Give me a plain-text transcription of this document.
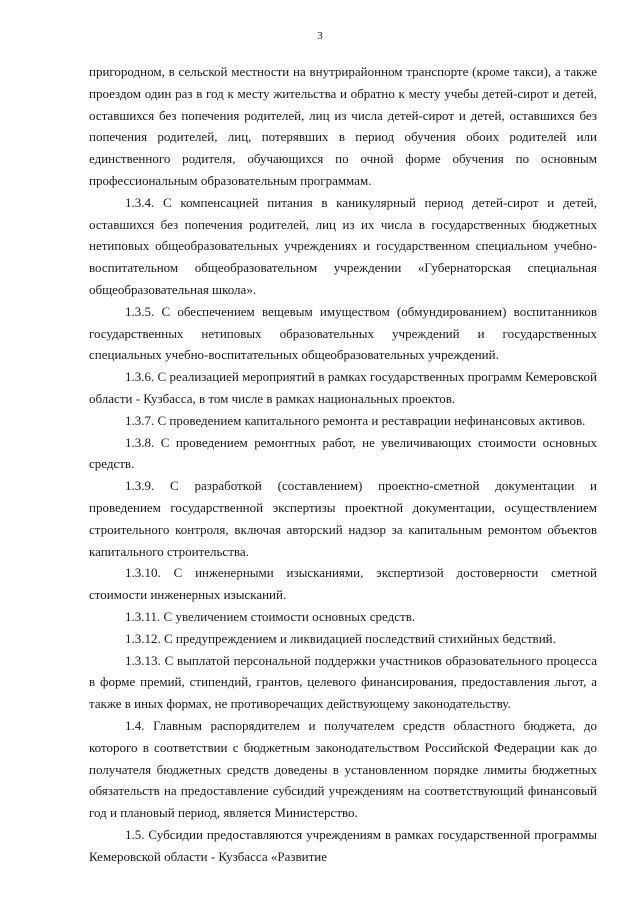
3

пригородном, в сельской местности на внутрирайонном транспорте (кроме такси), а также проездом один раз в год к месту жительства и обратно к месту учебы детей-сирот и детей, оставшихся без попечения родителей, лиц из числа детей-сирот и детей, оставшихся без попечения родителей, лиц, потерявших в период обучения обоих родителей или единственного родителя, обучающихся по очной форме обучения по основным профессиональным образовательным программам.

1.3.4. С компенсацией питания в каникулярный период детей-сирот и детей, оставшихся без попечения родителей, лиц из их числа в государственных бюджетных нетиповых общеобразовательных учреждениях и государственном специальном учебно-воспитательном общеобразовательном учреждении «Губернаторская специальная общеобразовательная школа».

1.3.5. С обеспечением вещевым имуществом (обмундированием) воспитанников государственных нетиповых образовательных учреждений и государственных специальных учебно-воспитательных общеобразовательных учреждений.

1.3.6. С реализацией мероприятий в рамках государственных программ Кемеровской области - Кузбасса, в том числе в рамках национальных проектов.

1.3.7. С проведением капитального ремонта и реставрации нефинансовых активов.

1.3.8. С проведением ремонтных работ, не увеличивающих стоимости основных средств.

1.3.9. С разработкой (составлением) проектно-сметной документации и проведением государственной экспертизы проектной документации, осуществлением строительного контроля, включая авторский надзор за капитальным ремонтом объектов капитального строительства.

1.3.10. С инженерными изысканиями, экспертизой достоверности сметной стоимости инженерных изысканий.

1.3.11. С увеличением стоимости основных средств.

1.3.12. С предупреждением и ликвидацией последствий стихийных бедствий.

1.3.13. С выплатой персональной поддержки участников образовательного процесса в форме премий, стипендий, грантов, целевого финансирования, предоставления льгот, а также в иных формах, не противоречащих действующему законодательству.

1.4. Главным распорядителем и получателем средств областного бюджета, до которого в соответствии с бюджетным законодательством Российской Федерации как до получателя бюджетных средств доведены в установленном порядке лимиты бюджетных обязательств на предоставление субсидий учреждениям на соответствующий финансовый год и плановый период, является Министерство.

1.5. Субсидии предоставляются учреждениям в рамках государственной программы Кемеровской области - Кузбасса «Развитие
